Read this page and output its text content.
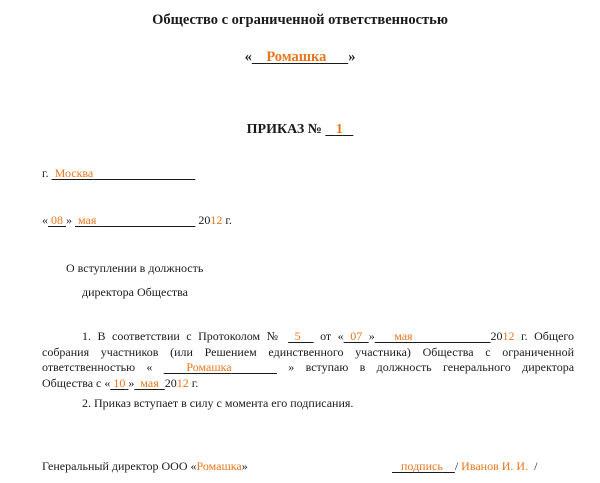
Общество с ограниченной ответственностью
« Ромашка »
ПРИКАЗ № 1
г. Москва
« 08 »  мая	2012 г.
О вступлении в должность
директора Общества
1. В соответствии с Протоколом № 5 от « 07 » мая	2012 г. Общего
собрания участников (или Решением единственного участника) Общества с ограниченной
ответственностью «	Ромашка	» вступаю в должность генерального директора
Общества с « 10 » мая 2012 г.
2. Приказ вступает в силу с момента его подписания.
Генеральный директор ООО «Ромашка»	подпись / Иванов И. И. /
